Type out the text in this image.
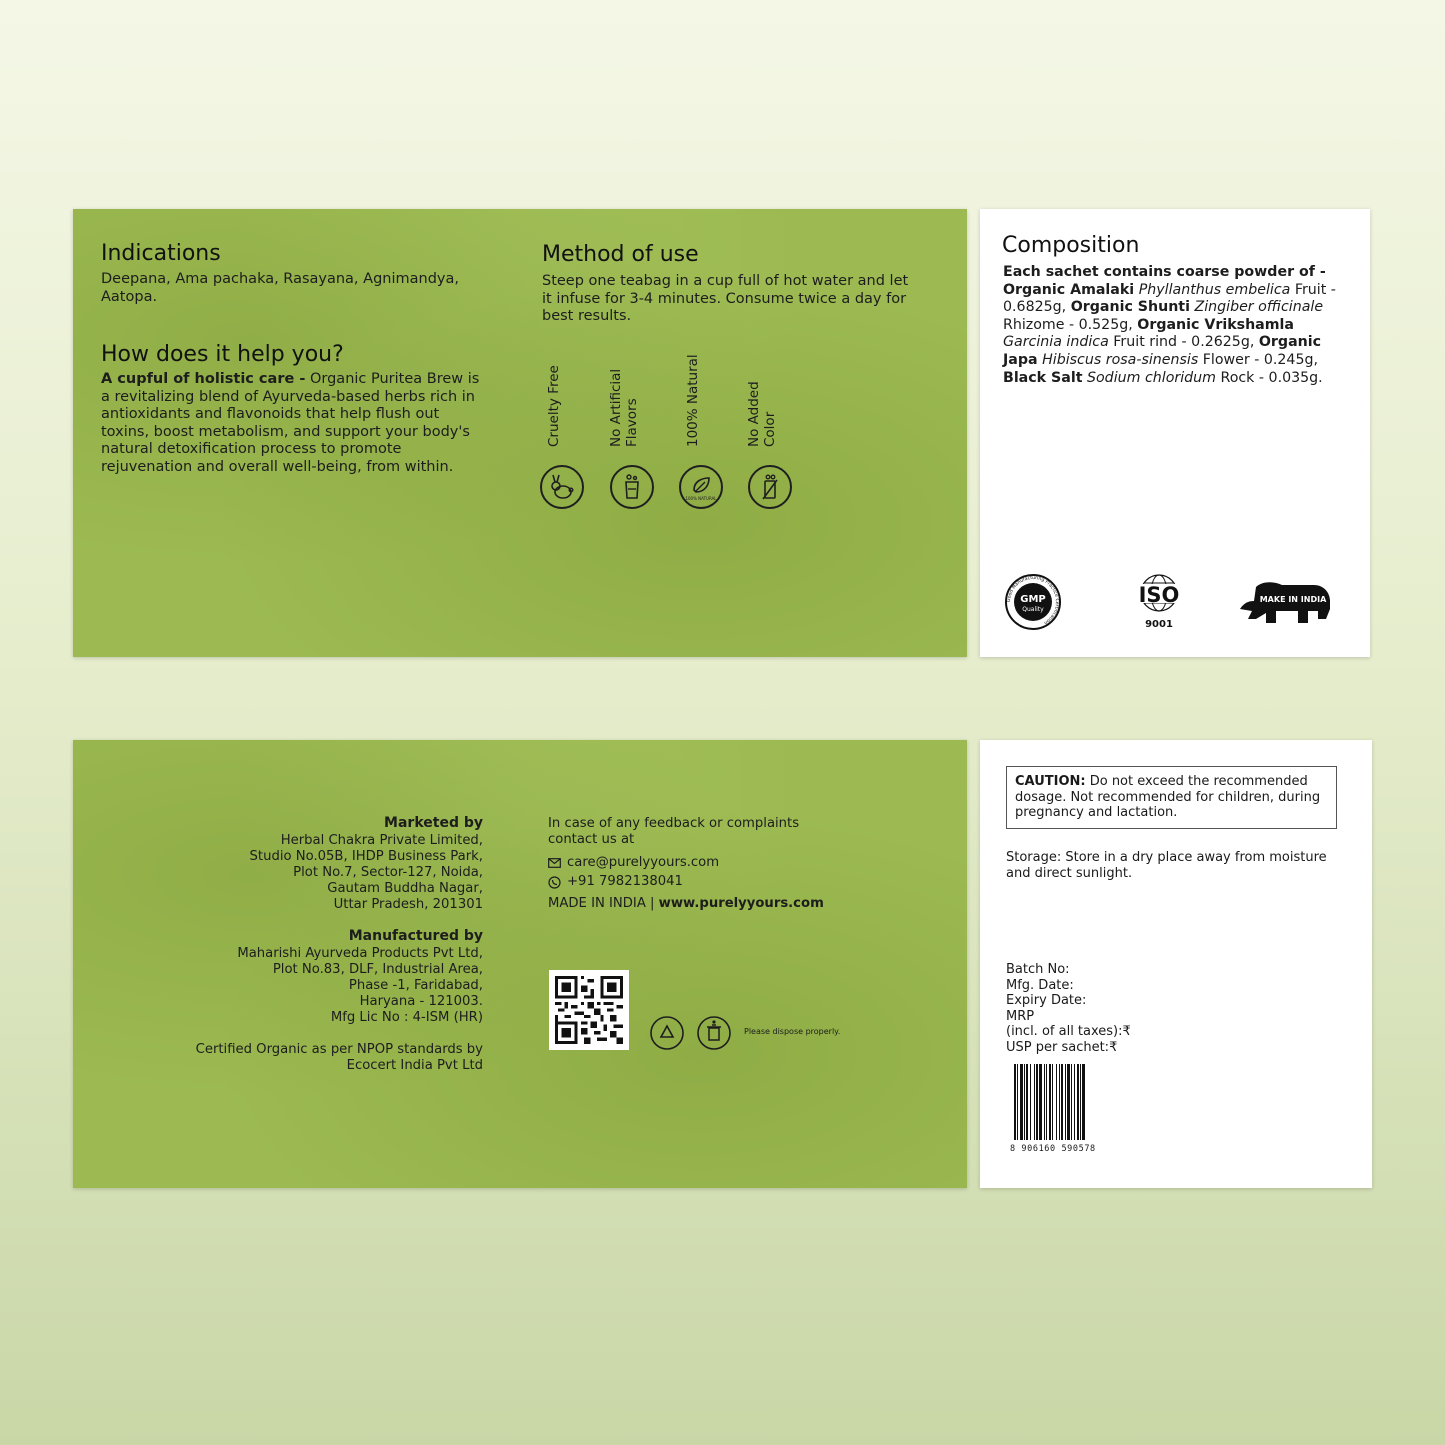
Indications
Deepana, Ama pachaka, Rasayana, Agnimandya, Aatopa.
How does it help you?
A cupful of holistic care - Organic Puritea Brew is a revitalizing blend of Ayurveda-based herbs rich in antioxidants and flavonoids that help flush out toxins, boost metabolism, and support your body's natural detoxification process to promote rejuvenation and overall well-being, from within.
Method of use
Steep one teabag in a cup full of hot water and let it infuse for 3-4 minutes. Consume twice a day for best results.
Cruelty Free	No Artificial Flavors	100% Natural
100% NATURAL
No Added Color
Composition
Each sachet contains coarse powder of -
Organic Amalaki Phyllanthus embelica Fruit - 0.6825g, Organic Shunti Zingiber officinale Rhizome - 0.525g, Organic Vrikshamla Garcinia indica Fruit rind - 0.2625g, Organic Japa Hibiscus rosa-sinensis Flower - 0.245g, Black Salt Sodium chloridum Rock - 0.035g.
GMP
Quality
Good Manufacturing Practice Certification
ISO
9001
MAKE IN INDIA
Marketed by
Herbal Chakra Private Limited,
Studio No.05B, IHDP Business Park,
Plot No.7, Sector-127, Noida,
Gautam Buddha Nagar,
Uttar Pradesh, 201301
Manufactured by
Maharishi Ayurveda Products Pvt Ltd,
Plot No.83, DLF, Industrial Area,
Phase -1, Faridabad,
Haryana - 121003.
Mfg Lic No : 4-ISM (HR)
Certified Organic as per NPOP standards by
Ecocert India Pvt Ltd
In case of any feedback or complaints
contact us at
care@purelyyours.com
+91 7982138041
MADE IN INDIA | www.purelyyours.com
Please dispose properly.
CAUTION: Do not exceed the recommended dosage. Not recommended for children, during pregnancy and lactation.
Storage: Store in a dry place away from moisture and direct sunlight.
Batch No:
Mfg. Date:
Expiry Date:
MRP
(incl. of all taxes):₹
USP per sachet:₹
8 906160 590578
